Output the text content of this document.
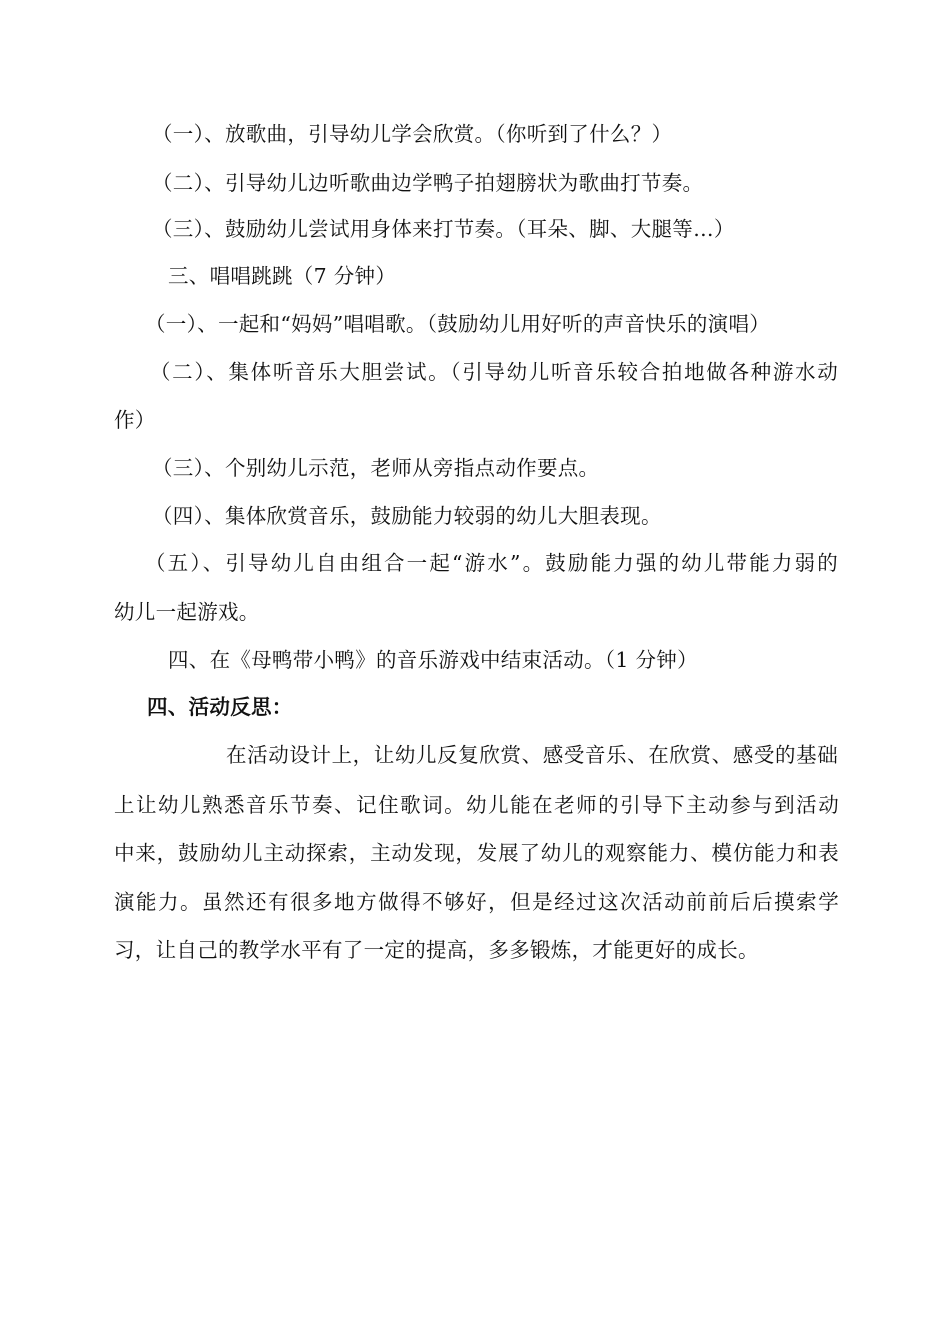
（一）、放歌曲，引导幼儿学会欣赏。（你听到了什么？）
（二）、引导幼儿边听歌曲边学鸭子拍翅膀状为歌曲打节奏。
（三）、鼓励幼儿尝试用身体来打节奏。（耳朵、脚、大腿等…）
三、唱唱跳跳（7 分钟）
（一）、一起和“妈妈”唱唱歌。（鼓励幼儿用好听的声音快乐的演唱）
（二）、集体听音乐大胆尝试。（引导幼儿听音乐较合拍地做各种游水动
作）
（三）、个别幼儿示范，老师从旁指点动作要点。
（四）、集体欣赏音乐，鼓励能力较弱的幼儿大胆表现。
（五）、引导幼儿自由组合一起“游水”。鼓励能力强的幼儿带能力弱的
幼儿一起游戏。
四、在《母鸭带小鸭》的音乐游戏中结束活动。（1 分钟）
四、活动反思：
在活动设计上，让幼儿反复欣赏、感受音乐、在欣赏、感受的基础
上让幼儿熟悉音乐节奏、记住歌词。幼儿能在老师的引导下主动参与到活动
中来，鼓励幼儿主动探索，主动发现，发展了幼儿的观察能力、模仿能力和表
演能力。虽然还有很多地方做得不够好，但是经过这次活动前前后后摸索学
习，让自己的教学水平有了一定的提高，多多锻炼，才能更好的成长。
